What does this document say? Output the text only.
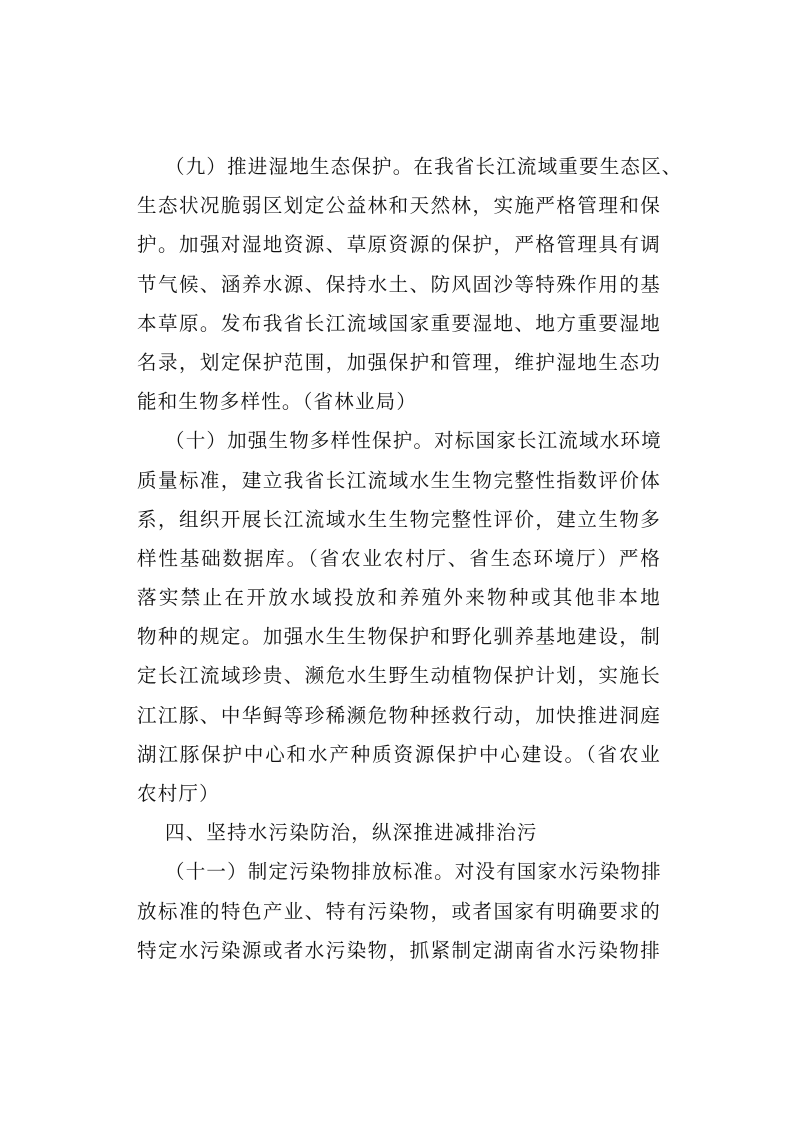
（九）推进湿地生态保护。在我省长江流域重要生态区、
生态状况脆弱区划定公益林和天然林，实施严格管理和保
护。加强对湿地资源、草原资源的保护，严格管理具有调
节气候、涵养水源、保持水土、防风固沙等特殊作用的基
本草原。发布我省长江流域国家重要湿地、地方重要湿地
名录，划定保护范围，加强保护和管理，维护湿地生态功
能和生物多样性。（省林业局）
（十）加强生物多样性保护。对标国家长江流域水环境
质量标准，建立我省长江流域水生生物完整性指数评价体
系，组织开展长江流域水生生物完整性评价，建立生物多
样性基础数据库。（省农业农村厅、省生态环境厅）严格
落实禁止在开放水域投放和养殖外来物种或其他非本地
物种的规定。加强水生生物保护和野化驯养基地建设，制
定长江流域珍贵、濒危水生野生动植物保护计划，实施长
江江豚、中华鲟等珍稀濒危物种拯救行动，加快推进洞庭
湖江豚保护中心和水产种质资源保护中心建设。（省农业
农村厅）
四、坚持水污染防治，纵深推进减排治污
（十一）制定污染物排放标准。对没有国家水污染物排
放标准的特色产业、特有污染物，或者国家有明确要求的
特定水污染源或者水污染物，抓紧制定湖南省水污染物排
